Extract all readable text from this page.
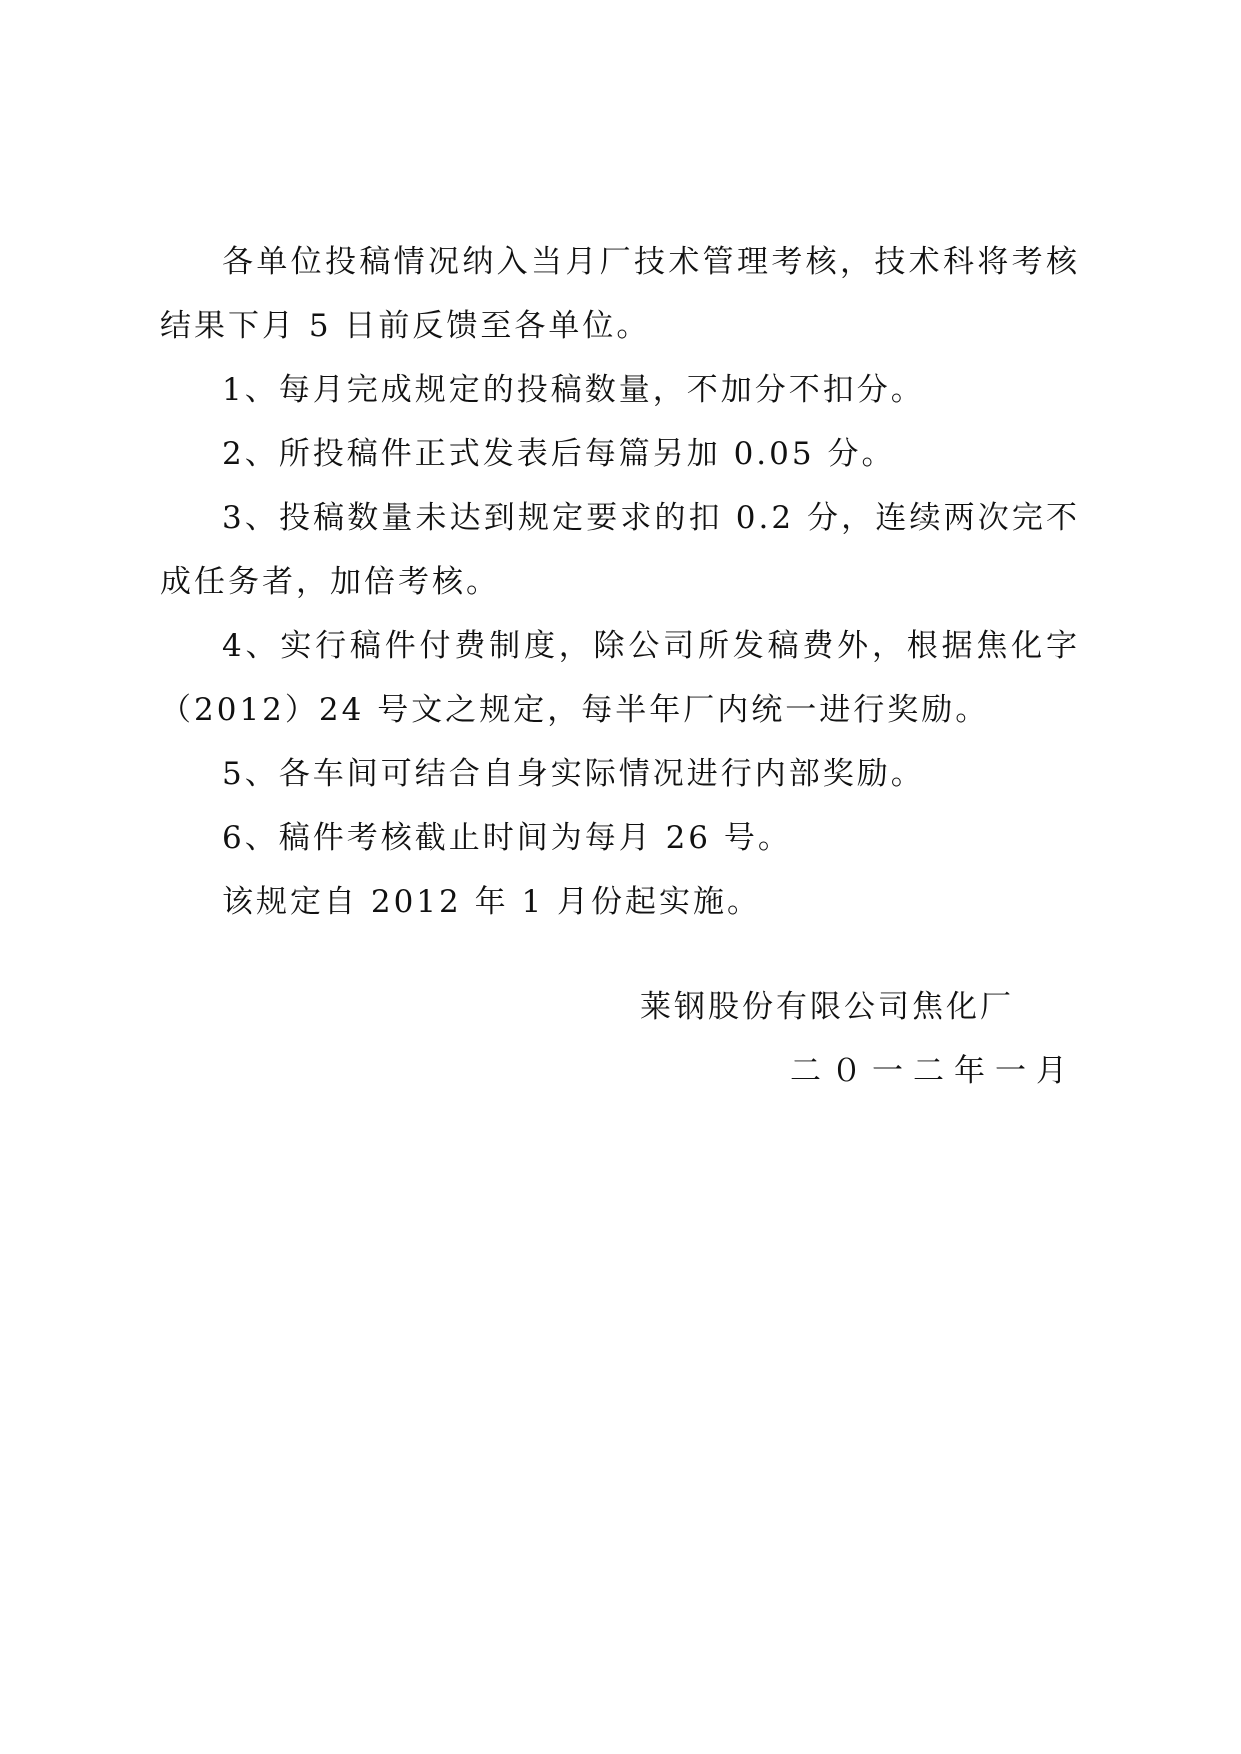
各单位投稿情况纳入当月厂技术管理考核，技术科将考核结果下月 5 日前反馈至各单位。

1、每月完成规定的投稿数量，不加分不扣分。

2、所投稿件正式发表后每篇另加 0.05 分。

3、投稿数量未达到规定要求的扣 0.2 分，连续两次完不成任务者，加倍考核。

4、实行稿件付费制度，除公司所发稿费外，根据焦化字（2012）24 号文之规定，每半年厂内统一进行奖励。

5、各车间可结合自身实际情况进行内部奖励。

6、稿件考核截止时间为每月 26 号。

该规定自 2012 年 1 月份起实施。

莱钢股份有限公司焦化厂
二０一二年一月
